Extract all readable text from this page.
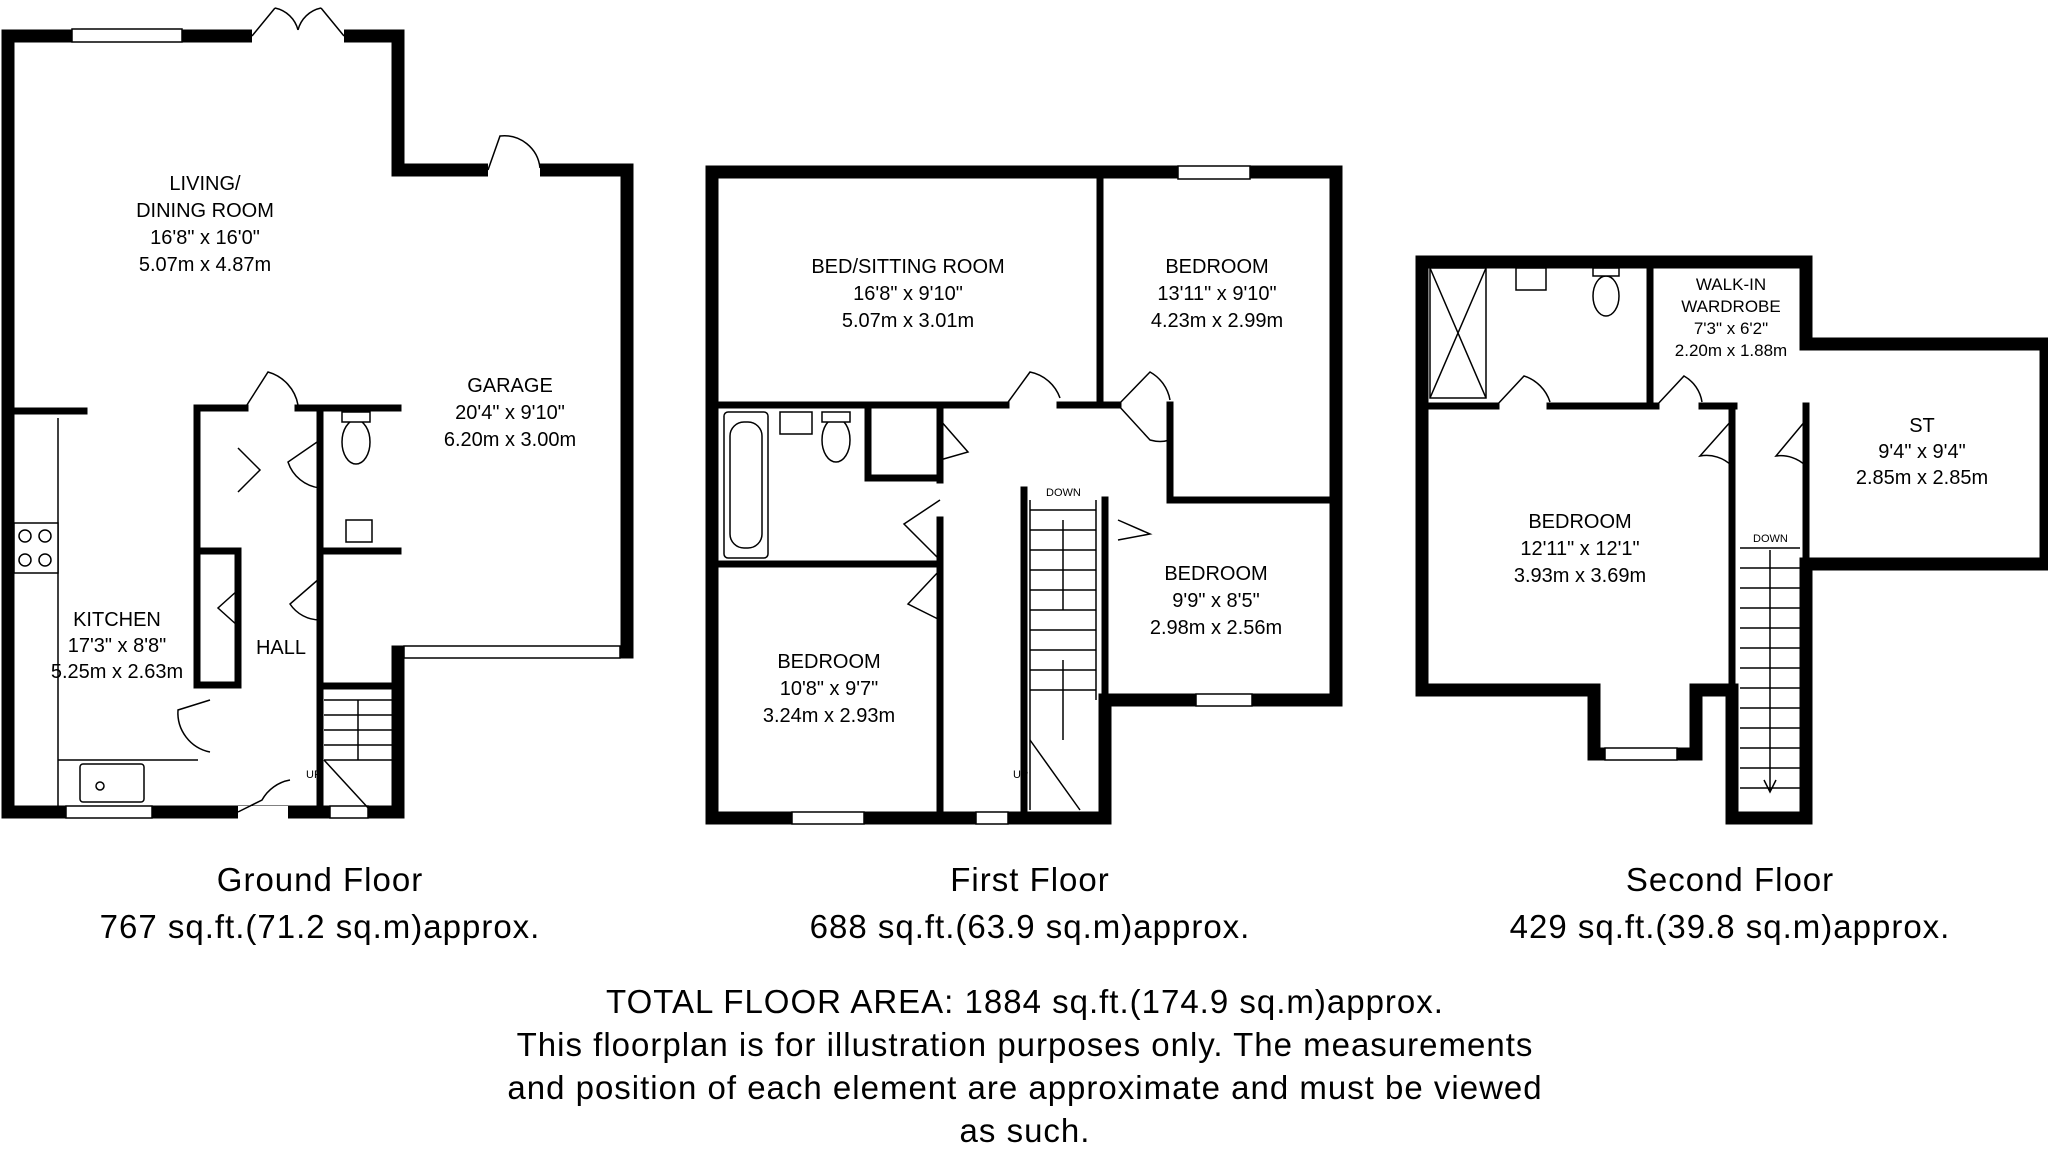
LIVING/
DINING ROOM
16'8" x 16'0"
5.07m x 4.87m
GARAGE
20'4" x 9'10"
6.20m x 3.00m
KITCHEN
17'3" x 8'8"
5.25m x 2.63m
HALL
BED/SITTING ROOM
16'8" x 9'10"
5.07m x 3.01m
BEDROOM
13'11" x 9'10"
4.23m x 2.99m
BEDROOM
9'9" x 8'5"
2.98m x 2.56m
BEDROOM
10'8" x 9'7"
3.24m x 2.93m
WALK-IN
WARDROBE
7'3" x 6'2"
2.20m x 1.88m
ST
9'4" x 9'4"
2.85m x 2.85m
BEDROOM
12'11" x 12'1"
3.93m x 3.69m
UP
DOWN
UP
DOWN
Ground Floor
767 sq.ft.(71.2 sq.m)approx.
First Floor
688 sq.ft.(63.9 sq.m)approx.
Second Floor
429 sq.ft.(39.8 sq.m)approx.
TOTAL FLOOR AREA: 1884 sq.ft.(174.9 sq.m)approx.
This floorplan is for illustration purposes only. The measurements
and position of each element are approximate and must be viewed
as such.
